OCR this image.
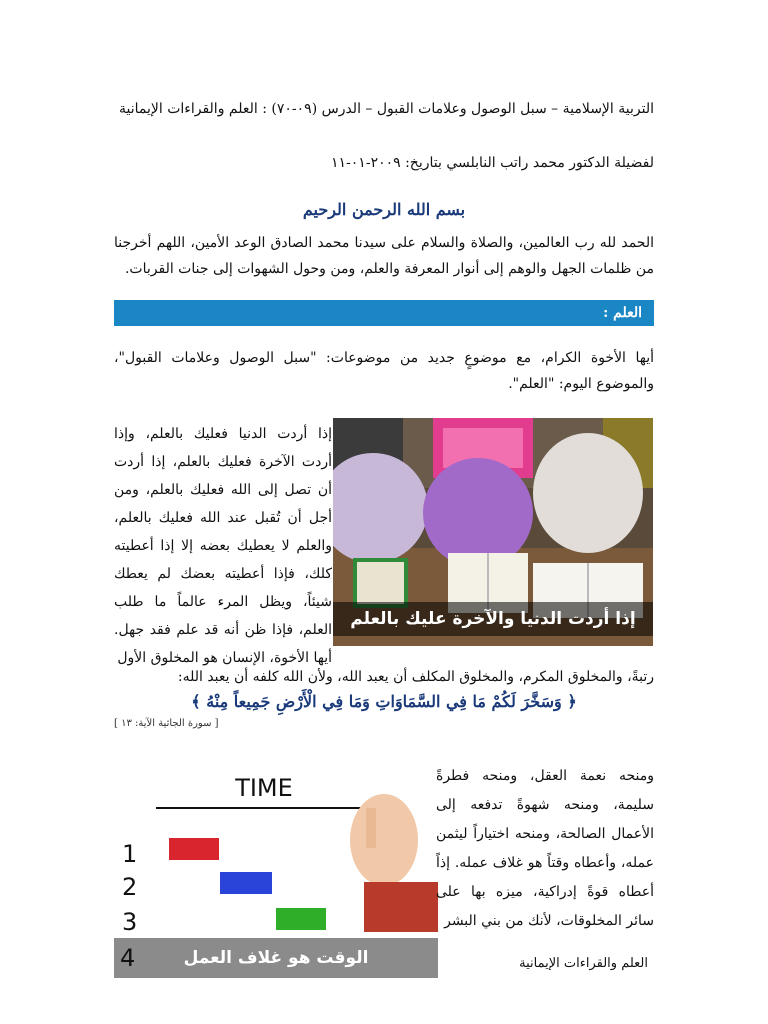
التربية الإسلامية – سبل الوصول وعلامات القبول – الدرس (٠٩-٧٠) : العلم والقراءات الإيمانية
لفضيلة الدكتور محمد راتب النابلسي بتاريخ: ٢٠٠٩-٠١-١١
بسم الله الرحمن الرحيم
الحمد لله رب العالمين، والصلاة والسلام على سيدنا محمد الصادق الوعد الأمين، اللهم أخرجنا من ظلمات الجهل والوهم إلى أنوار المعرفة والعلم، ومن وحول الشهوات إلى جنات القربات.
العلم :
أيها الأخوة الكرام، مع موضوعٍ جديد من موضوعات: "سبل الوصول وعلامات القبول"، والموضوع اليوم: "العلم".
إذا أردت الدنيا فعليك بالعلم، وإذا أردت الآخرة فعليك بالعلم، إذا أردت أن تصل إلى الله فعليك بالعلم، ومن أجل أن تُقبل عند الله فعليك بالعلم، والعلم لا يعطيك بعضه إلا إذا أعطيته كلك، فإذا أعطيته بعضك لم يعطك شيئاً، ويظل المرء عالماً ما طلب العلم، فإذا ظن أنه قد علم فقد جهل. أيها الأخوة، الإنسان هو المخلوق الأول
إذا أردت الدنيا والآخرة عليك بالعلم
رتبةً، والمخلوق المكرم، والمخلوق المكلف أن يعبد الله، ولأن الله كلفه أن يعبد الله:
﴿ وَسَخَّرَ لَكُمْ مَا فِي السَّمَاوَاتِ وَمَا فِي الْأَرْضِ جَمِيعاً مِنْهُ ﴾
[ سورة الجاثية الآية: ١٣ ]
TIME
1
2
3
4	الوقت هو غلاف العمل
ومنحه نعمة العقل، ومنحه فطرةً سليمة، ومنحه شهوةً تدفعه إلى الأعمال الصالحة، ومنحه اختياراً ليثمن عمله، وأعطاه وقتاً هو غلاف عمله. إذاً أعطاه قوةً إدراكية، ميزه بها على سائر المخلوقات، لأنك من بني البشر
العلم والقراءات الإيمانية
